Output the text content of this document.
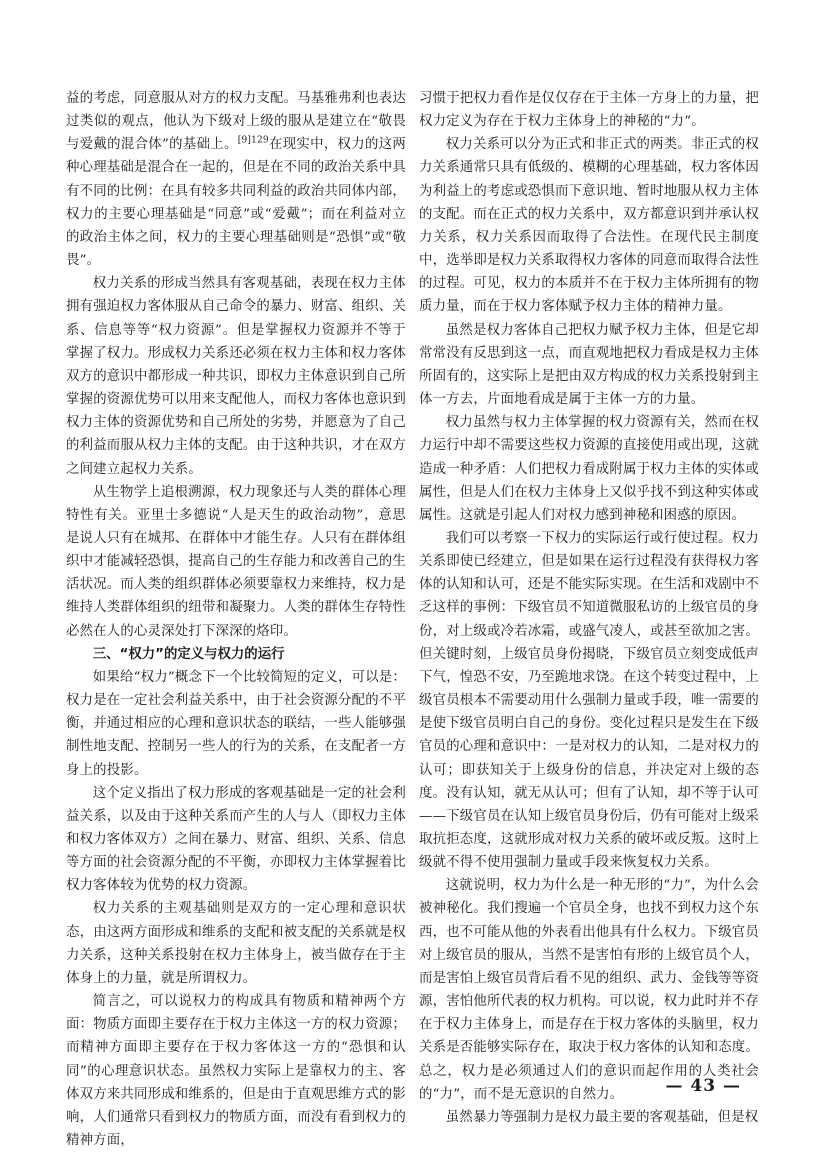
益的考虑，同意服从对方的权力支配。马基雅弗利也表达过类似的观点，他认为下级对上级的服从是建立在“敬畏与爱戴的混合体”的基础上。$^{[9]129}$在现实中，权力的这两种心理基础是混合在一起的，但是在不同的政治关系中具有不同的比例：在具有较多共同利益的政治共同体内部，权力的主要心理基础是“同意”或“爱戴”；而在利益对立的政治主体之间，权力的主要心理基础则是“恐惧”或“敬畏”。

权力关系的形成当然具有客观基础，表现在权力主体拥有强迫权力客体服从自己命令的暴力、财富、组织、关系、信息等等“权力资源”。但是掌握权力资源并不等于掌握了权力。形成权力关系还必须在权力主体和权力客体双方的意识中都形成一种共识，即权力主体意识到自己所掌握的资源优势可以用来支配他人，而权力客体也意识到权力主体的资源优势和自己所处的劣势，并愿意为了自己的利益而服从权力主体的支配。由于这种共识，才在双方之间建立起权力关系。

从生物学上追根溯源，权力现象还与人类的群体心理特性有关。亚里士多德说“人是天生的政治动物”，意思是说人只有在城邦、在群体中才能生存。人只有在群体组织中才能减轻恐惧，提高自己的生存能力和改善自己的生活状况。而人类的组织群体必须要靠权力来维持，权力是维持人类群体组织的纽带和凝聚力。人类的群体生存特性必然在人的心灵深处打下深深的烙印。

三、“权力”的定义与权力的运行

如果给“权力”概念下一个比较简短的定义，可以是：权力是在一定社会利益关系中，由于社会资源分配的不平衡，并通过相应的心理和意识状态的联结，一些人能够强制性地支配、控制另一些人的行为的关系，在支配者一方身上的投影。

这个定义指出了权力形成的客观基础是一定的社会利益关系，以及由于这种关系而产生的人与人（即权力主体和权力客体双方）之间在暴力、财富、组织、关系、信息等方面的社会资源分配的不平衡，亦即权力主体掌握着比权力客体较为优势的权力资源。

权力关系的主观基础则是双方的一定心理和意识状态，由这两方面形成和维系的支配和被支配的关系就是权力关系，这种关系投射在权力主体身上，被当做存在于主体身上的力量，就是所谓权力。

简言之，可以说权力的构成具有物质和精神两个方面：物质方面即主要存在于权力主体这一方的权力资源；而精神方面即主要存在于权力客体这一方的“恐惧和认同”的心理意识状态。虽然权力实际上是靠权力的主、客体双方来共同形成和维系的，但是由于直观思维方式的影响，人们通常只看到权力的物质方面，而没有看到权力的精神方面，

习惯于把权力看作是仅仅存在于主体一方身上的力量，把权力定义为存在于权力主体身上的神秘的“力”。

权力关系可以分为正式和非正式的两类。非正式的权力关系通常只具有低级的、模糊的心理基础，权力客体因为利益上的考虑或恐惧而下意识地、暂时地服从权力主体的支配。而在正式的权力关系中，双方都意识到并承认权力关系，权力关系因而取得了合法性。在现代民主制度中，选举即是权力关系取得权力客体的同意而取得合法性的过程。可见，权力的本质并不在于权力主体所拥有的物质力量，而在于权力客体赋予权力主体的精神力量。

虽然是权力客体自己把权力赋予权力主体，但是它却常常没有反思到这一点，而直观地把权力看成是权力主体所固有的，这实际上是把由双方构成的权力关系投射到主体一方去，片面地看成是属于主体一方的力量。

权力虽然与权力主体掌握的权力资源有关，然而在权力运行中却不需要这些权力资源的直接使用或出现，这就造成一种矛盾：人们把权力看成附属于权力主体的实体或属性，但是人们在权力主体身上又似乎找不到这种实体或属性。这就是引起人们对权力感到神秘和困惑的原因。

我们可以考察一下权力的实际运行或行使过程。权力关系即使已经建立，但是如果在运行过程没有获得权力客体的认知和认可，还是不能实际实现。在生活和戏剧中不乏这样的事例：下级官员不知道微服私访的上级官员的身份，对上级或冷若冰霜，或盛气凌人，或甚至欲加之害。但关键时刻，上级官员身份揭晓，下级官员立刻变成低声下气，惶恐不安，乃至跪地求饶。在这个转变过程中，上级官员根本不需要动用什么强制力量或手段，唯一需要的是使下级官员明白自己的身份。变化过程只是发生在下级官员的心理和意识中：一是对权力的认知，二是对权力的认可；即获知关于上级身份的信息，并决定对上级的态度。没有认知，就无从认可；但有了认知，却不等于认可——下级官员在认知上级官员身份后，仍有可能对上级采取抗拒态度，这就形成对权力关系的破坏或反叛。这时上级就不得不使用强制力量或手段来恢复权力关系。

这就说明，权力为什么是一种无形的“力”，为什么会被神秘化。我们搜遍一个官员全身，也找不到权力这个东西，也不可能从他的外表看出他具有什么权力。下级官员对上级官员的服从，当然不是害怕有形的上级官员个人，而是害怕上级官员背后看不见的组织、武力、金钱等等资源，害怕他所代表的权力机构。可以说，权力此时并不存在于权力主体身上，而是存在于权力客体的头脑里，权力关系是否能够实际存在，取决于权力客体的认知和态度。总之，权力是必须通过人们的意识而起作用的人类社会的“力”，而不是无意识的自然力。

虽然暴力等强制力是权力最主要的客观基础，但是权

— 43 —
